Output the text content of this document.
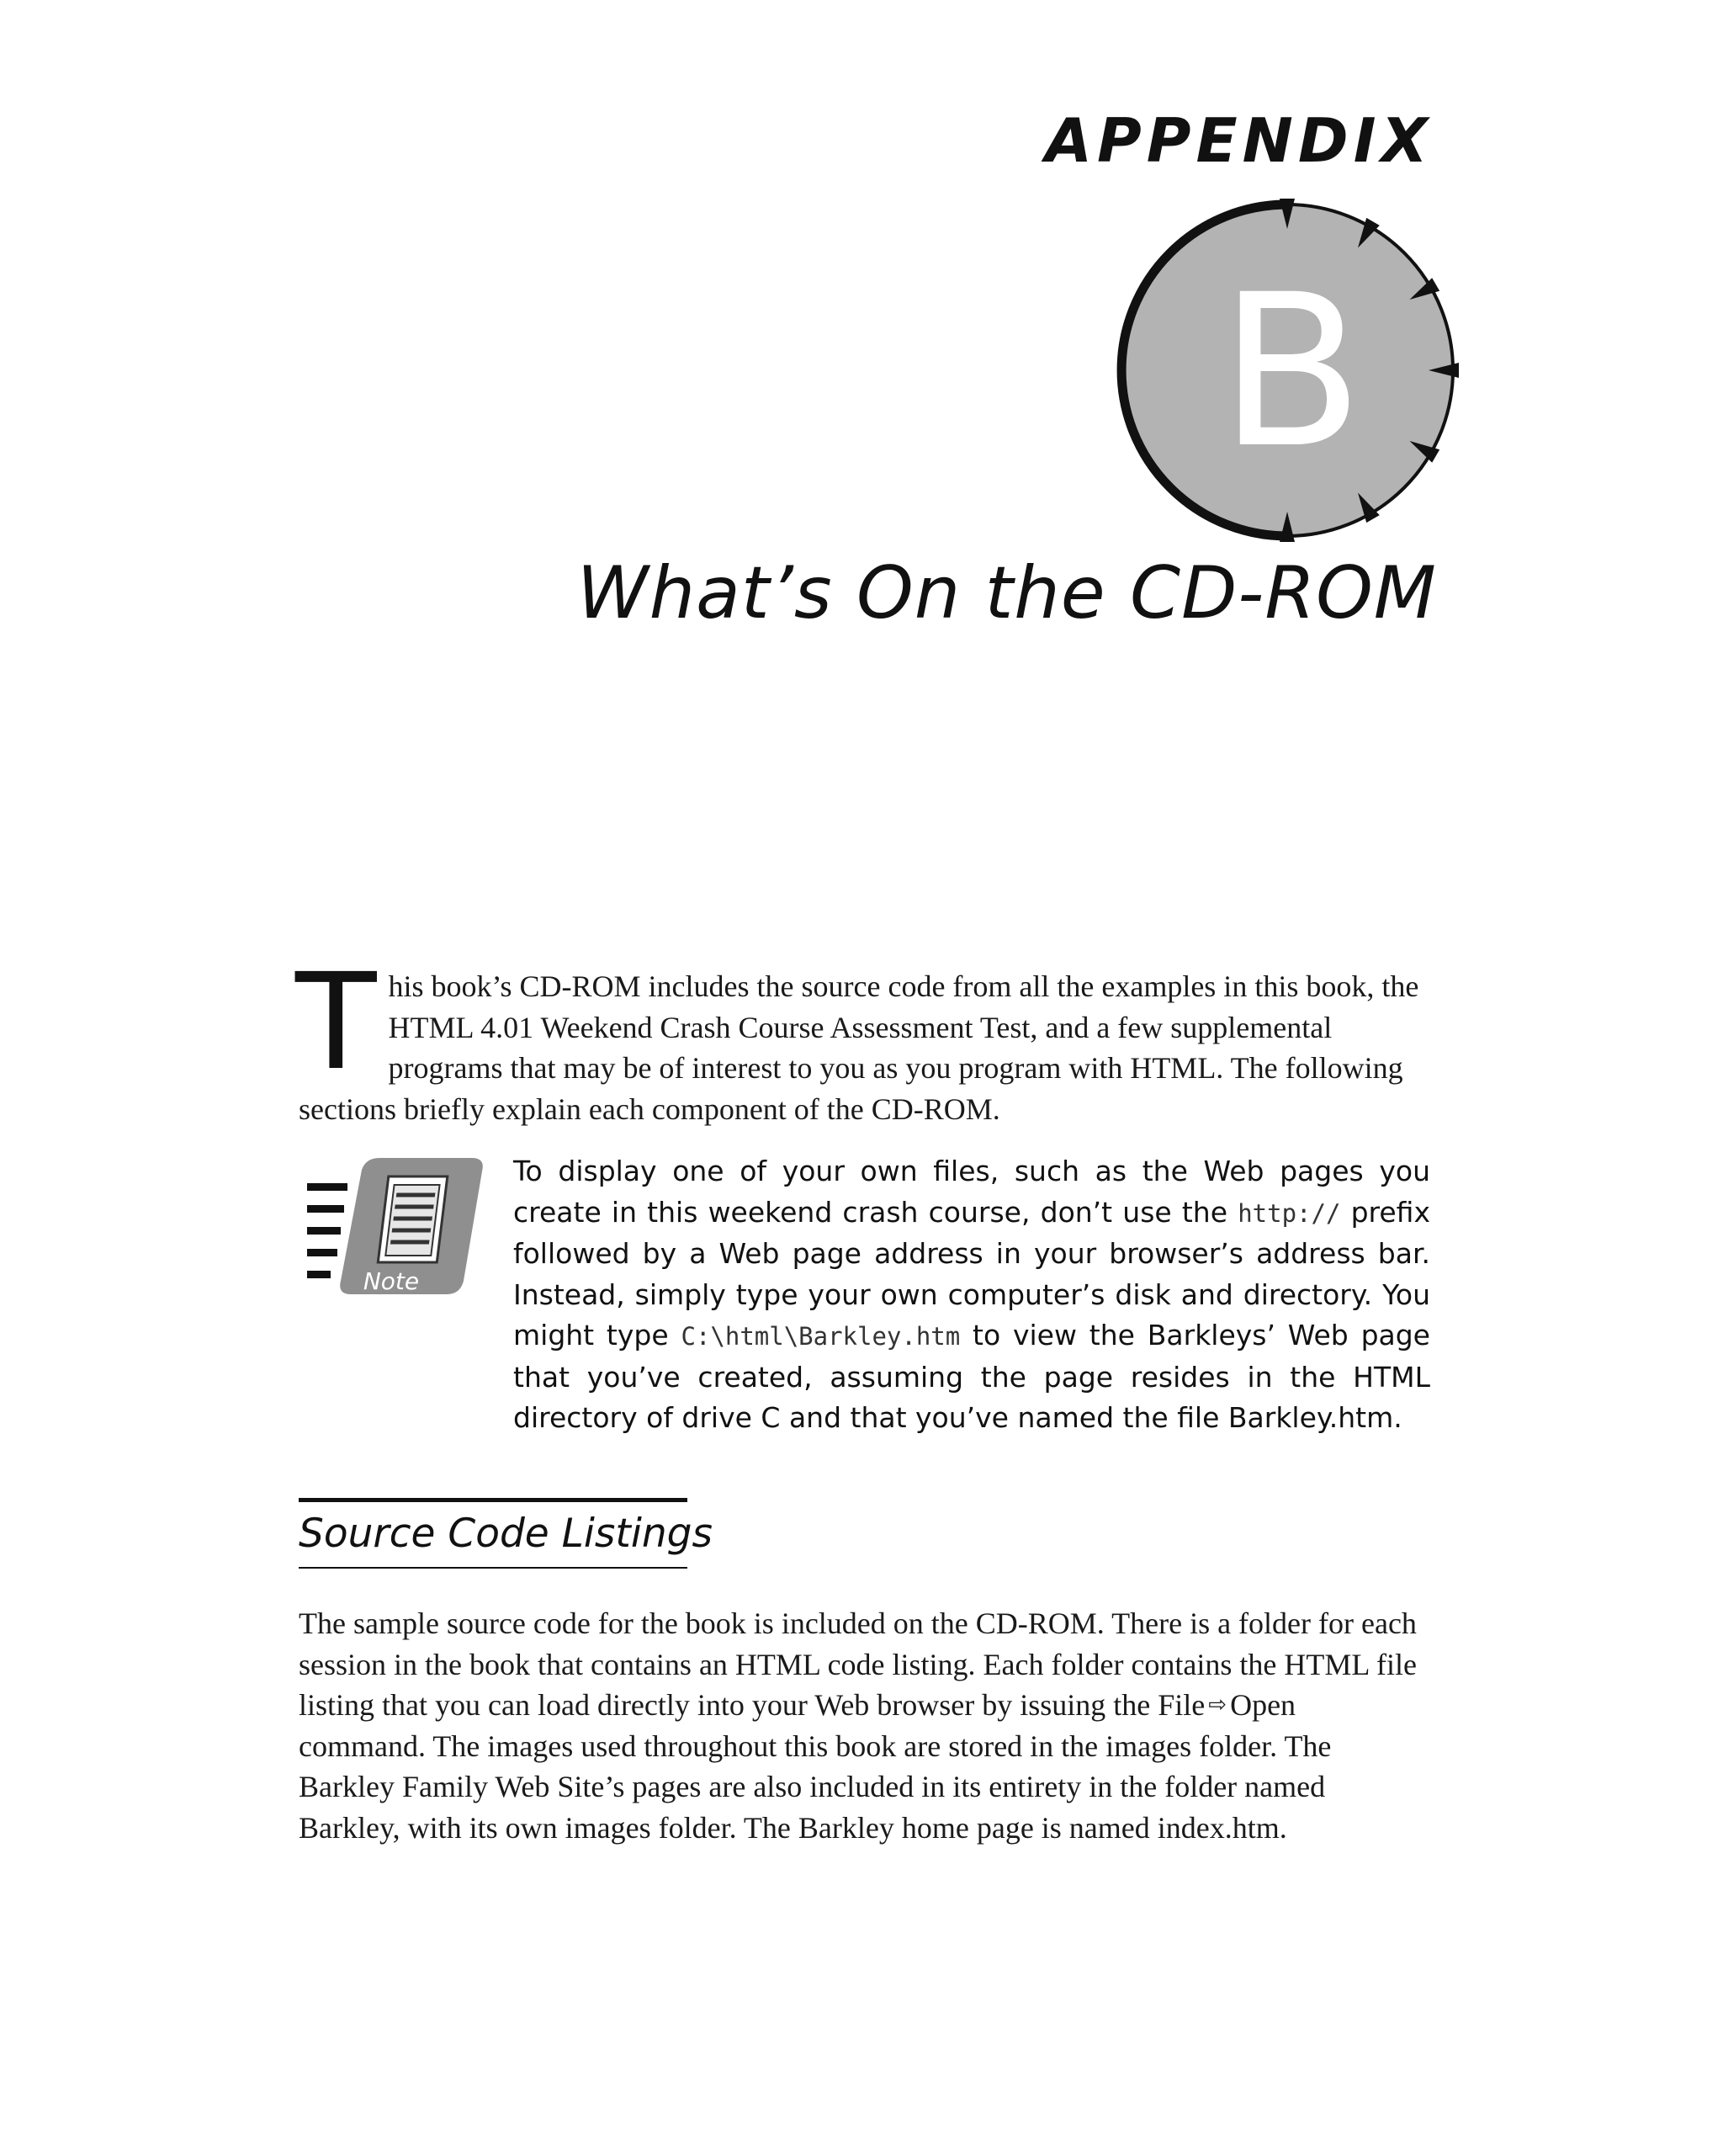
APPENDIX
B
What’s On the CD-ROM
This book’s CD-ROM includes the source code from all the examples in this book, the HTML 4.01 Weekend Crash Course Assessment Test, and a few supplemental programs that may be of interest to you as you program with HTML. The following sections briefly explain each component of the CD-ROM.
Note
To display one of your own files, such as the Web pages you create in this weekend crash course, don’t use the http:// prefix followed by a Web page address in your browser’s address bar. Instead, simply type your own computer’s disk and directory. You might type C:\html\Barkley.htm to view the Barkleys’ Web page that you’ve created, assuming the page resides in the HTML directory of drive C and that you’ve named the file Barkley.htm.
Source Code Listings
The sample source code for the book is included on the CD-ROM. There is a folder for each session in the book that contains an HTML code listing. Each folder contains the HTML file listing that you can load directly into your Web browser by issuing the File ⇨ Open command. The images used throughout this book are stored in the images folder. The Barkley Family Web Site’s pages are also included in its entirety in the folder named Barkley, with its own images folder. The Barkley home page is named index.htm.
